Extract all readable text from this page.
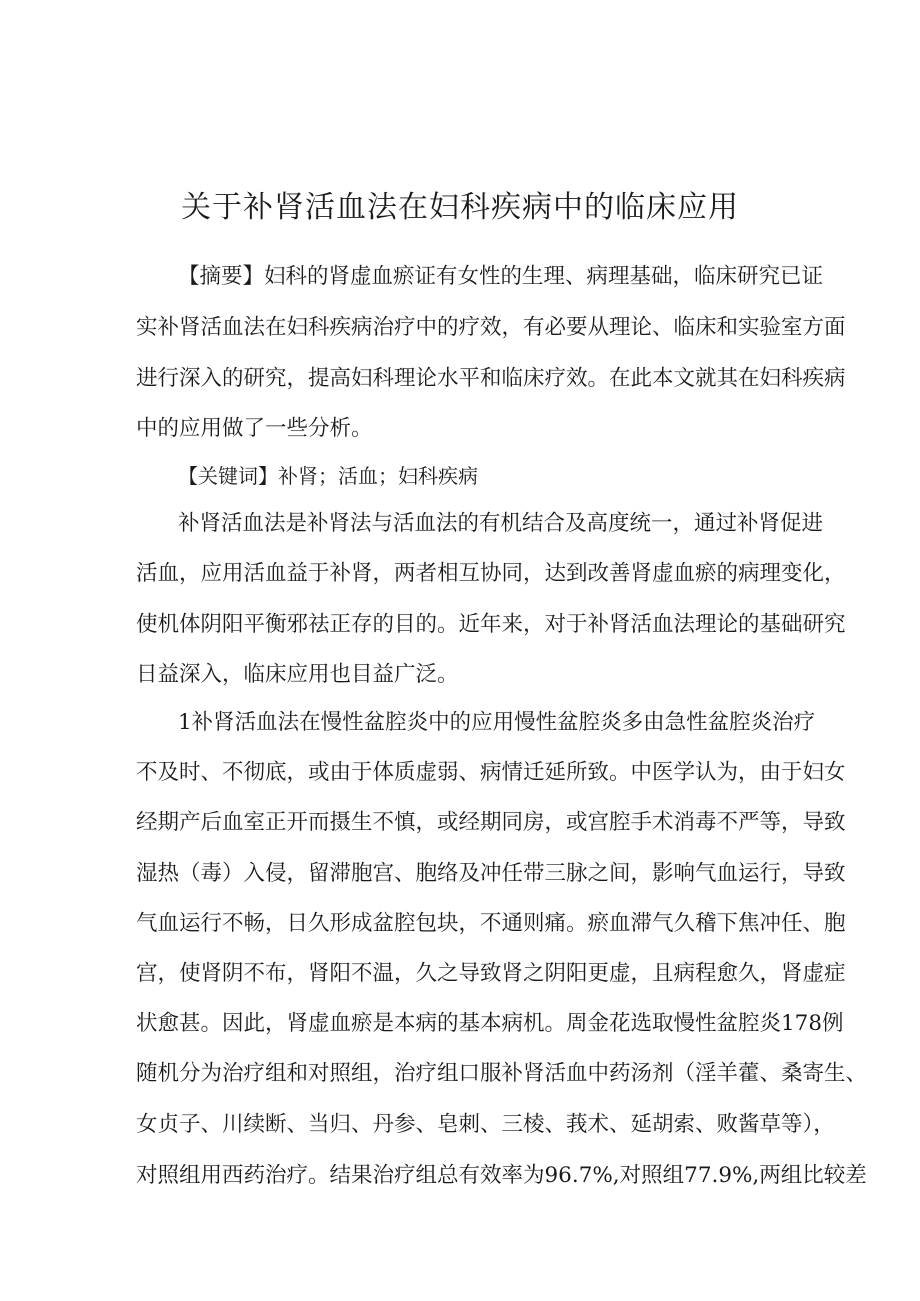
关于补肾活血法在妇科疾病中的临床应用
【摘要】妇科的肾虚血瘀证有女性的生理、病理基础，临床研究已证
实补肾活血法在妇科疾病治疗中的疗效，有必要从理论、临床和实验室方面
进行深入的研究，提高妇科理论水平和临床疗效。在此本文就其在妇科疾病
中的应用做了一些分析。
【关键词】补肾；活血；妇科疾病
补肾活血法是补肾法与活血法的有机结合及高度统一，通过补肾促进
活血，应用活血益于补肾，两者相互协同，达到改善肾虚血瘀的病理变化，
使机体阴阳平衡邪祛正存的目的。近年来，对于补肾活血法理论的基础研究
日益深入，临床应用也目益广泛。
1补肾活血法在慢性盆腔炎中的应用慢性盆腔炎多由急性盆腔炎治疗
不及时、不彻底，或由于体质虚弱、病情迁延所致。中医学认为，由于妇女
经期产后血室正开而摄生不慎，或经期同房，或宫腔手术消毒不严等，导致
湿热（毒）入侵，留滞胞宫、胞络及冲任带三脉之间，影响气血运行，导致
气血运行不畅，日久形成盆腔包块，不通则痛。瘀血滞气久稽下焦冲任、胞
宫，使肾阴不布，肾阳不温，久之导致肾之阴阳更虚，且病程愈久，肾虚症
状愈甚。因此，肾虚血瘀是本病的基本病机。周金花选取慢性盆腔炎178例
随机分为治疗组和对照组，治疗组口服补肾活血中药汤剂（淫羊藿、桑寄生、
女贞子、川续断、当归、丹参、皂刺、三棱、莪术、延胡索、败酱草等），
对照组用西药治疗。结果治疗组总有效率为96.7%,对照组77.9%,两组比较差
